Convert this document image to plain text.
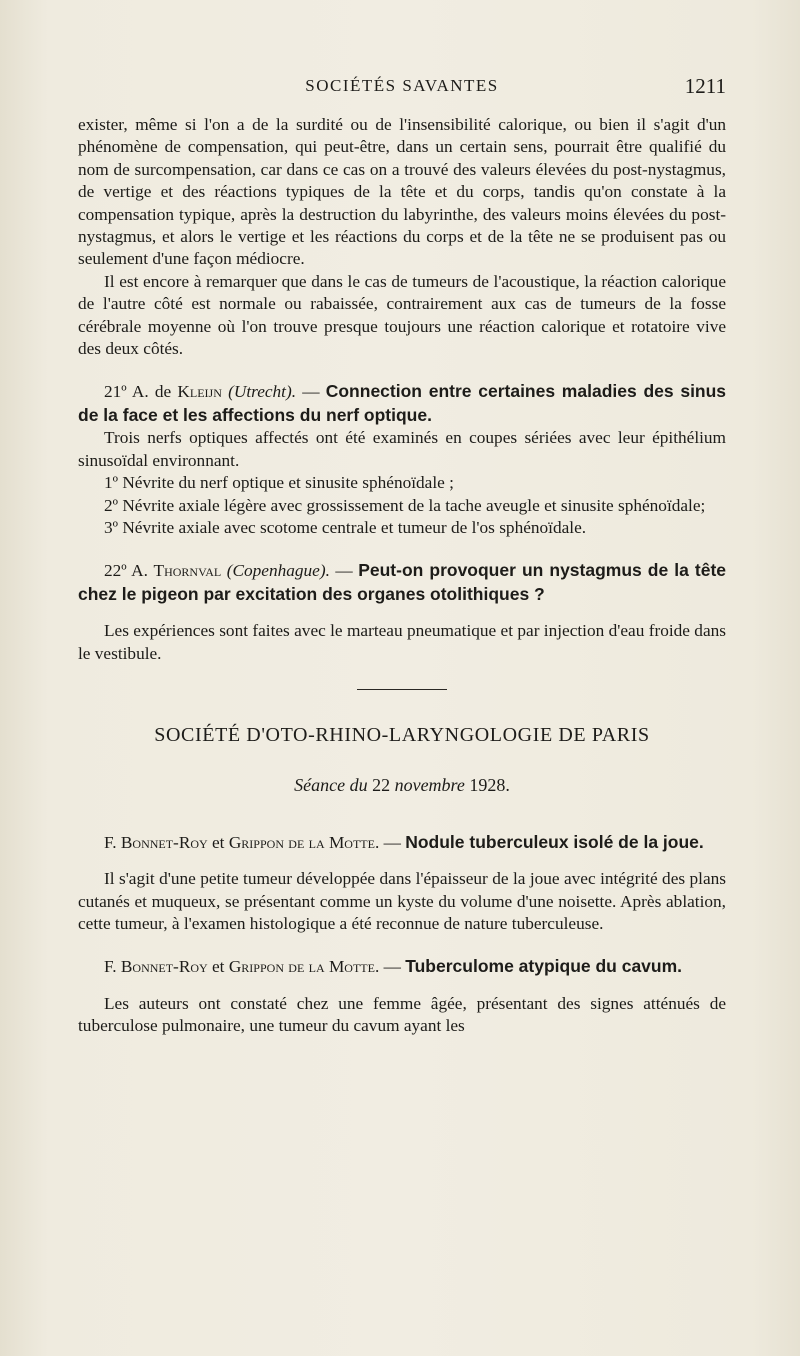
SOCIÉTÉS SAVANTES	1211

exister, même si l'on a de la surdité ou de l'insensibilité calorique, ou bien il s'agit d'un phénomène de compensation, qui peut-être, dans un certain sens, pourrait être qualifié du nom de surcompensation, car dans ce cas on a trouvé des valeurs élevées du post-nystagmus, de vertige et des réactions typiques de la tête et du corps, tandis qu'on constate à la compensation typique, après la destruction du labyrinthe, des valeurs moins élevées du post-nystagmus, et alors le vertige et les réactions du corps et de la tête ne se produisent pas ou seulement d'une façon médiocre.

Il est encore à remarquer que dans le cas de tumeurs de l'acoustique, la réaction calorique de l'autre côté est normale ou rabaissée, contrairement aux cas de tumeurs de la fosse cérébrale moyenne où l'on trouve presque toujours une réaction calorique et rotatoire vive des deux côtés.

21º A. de Kleijn (Utrecht). — Connection entre certaines maladies des sinus de la face et les affections du nerf optique.

Trois nerfs optiques affectés ont été examinés en coupes sériées avec leur épithélium sinusoïdal environnant.

1º Névrite du nerf optique et sinusite sphénoïdale ;

2º Névrite axiale légère avec grossissement de la tache aveugle et sinusite sphénoïdale;

3º Névrite axiale avec scotome centrale et tumeur de l'os sphénoïdale.

22º A. Thornval (Copenhague). — Peut-on provoquer un nystagmus de la tête chez le pigeon par excitation des organes otolithiques ?

Les expériences sont faites avec le marteau pneumatique et par injection d'eau froide dans le vestibule.

SOCIÉTÉ D'OTO-RHINO-LARYNGOLOGIE DE PARIS
Séance du 22 novembre 1928.

F. Bonnet-Roy et Grippon de la Motte. — Nodule tuberculeux isolé de la joue.

Il s'agit d'une petite tumeur développée dans l'épaisseur de la joue avec intégrité des plans cutanés et muqueux, se présentant comme un kyste du volume d'une noisette. Après ablation, cette tumeur, à l'examen histologique a été reconnue de nature tuberculeuse.

F. Bonnet-Roy et Grippon de la Motte. — Tuberculome atypique du cavum.

Les auteurs ont constaté chez une femme âgée, présentant des signes atténués de tuberculose pulmonaire, une tumeur du cavum ayant les
